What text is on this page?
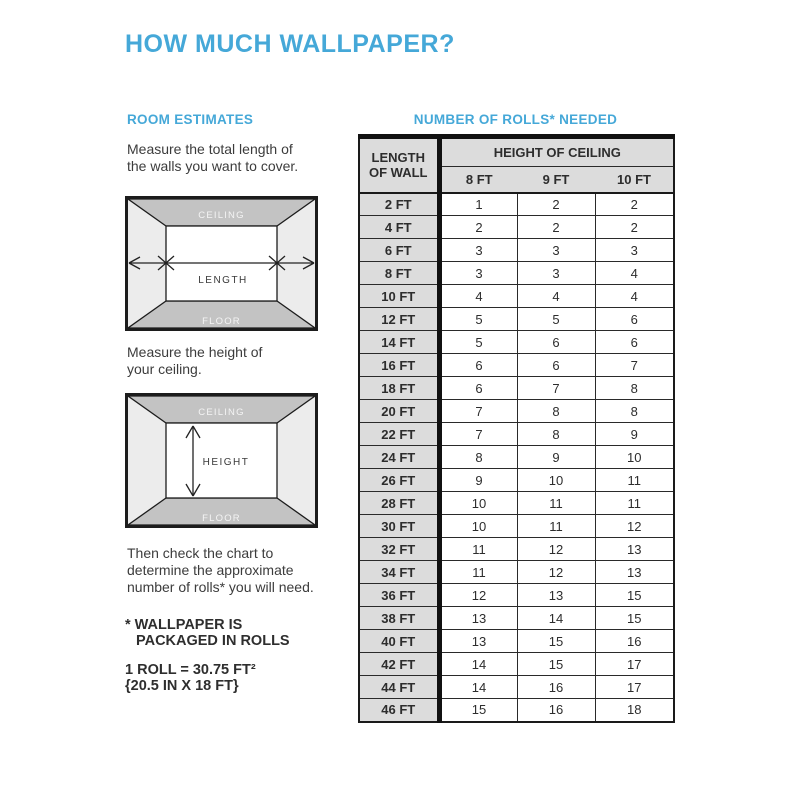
HOW MUCH WALLPAPER?
ROOM ESTIMATES
Measure the total length of
the walls you want to cover.
CEILING
FLOOR
LENGTH
Measure the height of
your ceiling.
CEILING
FLOOR
HEIGHT
Then check the chart to
determine the approximate
number of rolls* you will need.
* WALLPAPER IS
PACKAGED IN ROLLS
1 ROLL = 30.75 FT²
{20.5 IN X 18 FT}
NUMBER OF ROLLS* NEEDED
LENGTH OF WALL	HEIGHT OF CEILING		
	8 FT	9 FT	10 FT
2 FT	1	2	2
4 FT	2	2	2
6 FT	3	3	3
8 FT	3	3	4
10 FT	4	4	4
12 FT	5	5	6
14 FT	5	6	6
16 FT	6	6	7
18 FT	6	7	8
20 FT	7	8	8
22 FT	7	8	9
24 FT	8	9	10
26 FT	9	10	11
28 FT	10	11	11
30 FT	10	11	12
32 FT	11	12	13
34 FT	11	12	13
36 FT	12	13	15
38 FT	13	14	15
40 FT	13	15	16
42 FT	14	15	17
44 FT	14	16	17
46 FT	15	16	18
